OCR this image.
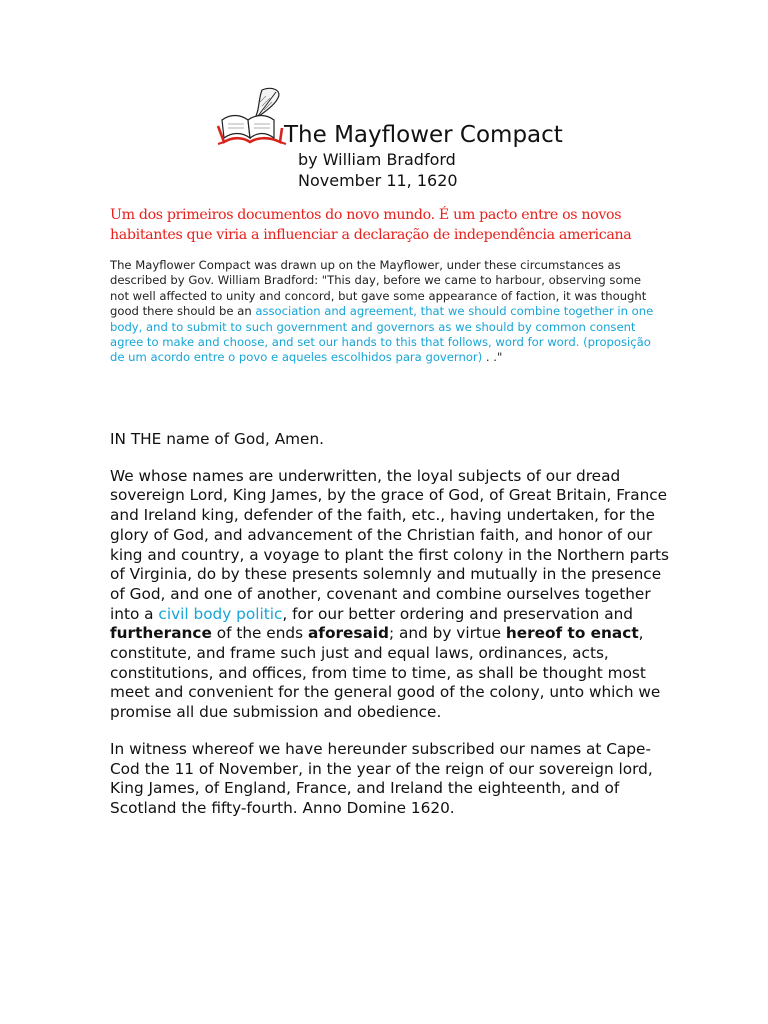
The Mayflower Compact
by William Bradford
November 11, 1620
Um dos primeiros documentos do novo mundo. É um pacto entre os novos habitantes que viria a influenciar a declaração de independência americana
The Mayflower Compact was drawn up on the Mayflower, under these circumstances as described by Gov. William Bradford: "This day, before we came to harbour, observing some not well affected to unity and concord, but gave some appearance of faction, it was thought good there should be an association and agreement, that we should combine together in one body, and to submit to such government and governors as we should by common consent agree to make and choose, and set our hands to this that follows, word for word. (proposição de um acordo entre o povo e aqueles escolhidos para governor) . ."

IN THE name of God, Amen.

We whose names are underwritten, the loyal subjects of our dread sovereign Lord, King James, by the grace of God, of Great Britain, France and Ireland king, defender of the faith, etc., having undertaken, for the glory of God, and advancement of the Christian faith, and honor of our king and country, a voyage to plant the first colony in the Northern parts of Virginia, do by these presents solemnly and mutually in the presence of God, and one of another, covenant and combine ourselves together into a civil body politic, for our better ordering and preservation and furtherance of the ends aforesaid; and by virtue hereof to enact, constitute, and frame such just and equal laws, ordinances, acts, constitutions, and offices, from time to time, as shall be thought most meet and convenient for the general good of the colony, unto which we promise all due submission and obedience.

In witness whereof we have hereunder subscribed our names at Cape-Cod the 11 of November, in the year of the reign of our sovereign lord, King James, of England, France, and Ireland the eighteenth, and of Scotland the fifty-fourth. Anno Domine 1620.
